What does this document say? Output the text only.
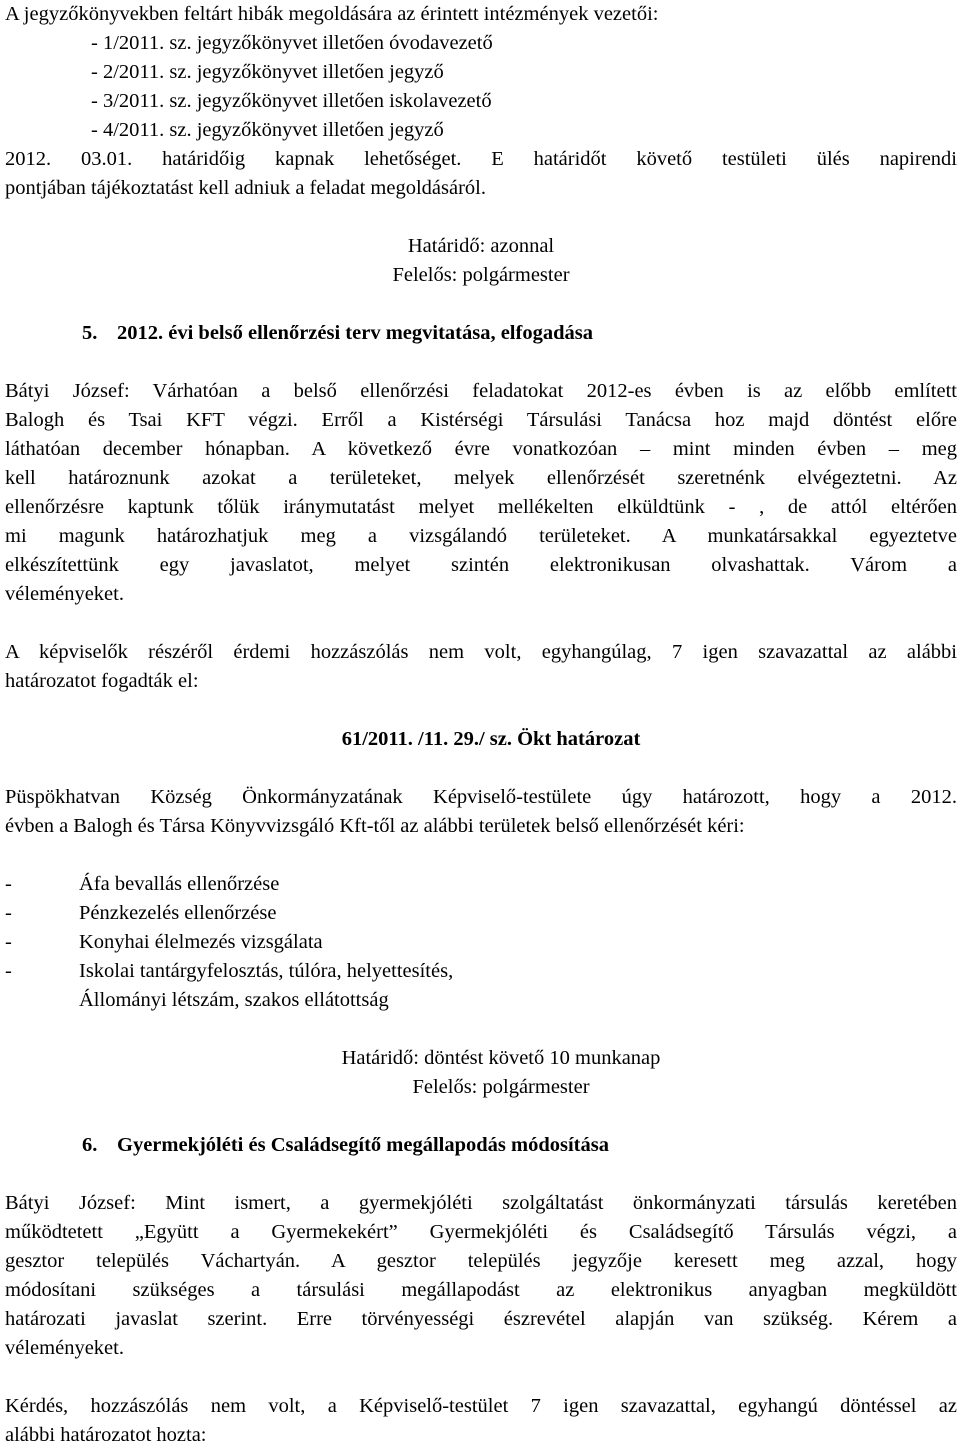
A jegyzőkönyvekben feltárt hibák megoldására az érintett intézmények vezetői:

- 1/2011. sz. jegyzőkönyvet illetően óvodavezető

- 2/2011. sz. jegyzőkönyvet illetően jegyző

- 3/2011. sz. jegyzőkönyvet illetően iskolavezető

- 4/2011. sz. jegyzőkönyvet illetően jegyző

2012. 03.01. határidőig kapnak lehetőséget. E határidőt követő testületi ülés napirendi

pontjában tájékoztatást kell adniuk a feladat megoldásáról.

Határidő: azonnal

Felelős: polgármester

5. 2012. évi belső ellenőrzési terv megvitatása, elfogadása

Bátyi József: Várhatóan a belső ellenőrzési feladatokat 2012-es évben is az előbb említett

Balogh és Tsai KFT végzi. Erről a Kistérségi Társulási Tanácsa hoz majd döntést előre

láthatóan december hónapban. A következő évre vonatkozóan – mint minden évben – meg

kell határoznunk azokat a területeket, melyek ellenőrzését szeretnénk elvégeztetni. Az

ellenőrzésre kaptunk tőlük iránymutatást melyet mellékelten elküldtünk - , de attól eltérően

mi magunk határozhatjuk meg a vizsgálandó területeket. A munkatársakkal egyeztetve

elkészítettünk egy javaslatot, melyet szintén elektronikusan olvashattak. Várom a

véleményeket.

A képviselők részéről érdemi hozzászólás nem volt, egyhangúlag, 7 igen szavazattal az alábbi

határozatot fogadták el:

61/2011. /11. 29./ sz. Ökt határozat

Püspökhatvan Község Önkormányzatának Képviselő-testülete úgy határozott, hogy a 2012.

évben a Balogh és Társa Könyvvizsgáló Kft-től az alábbi területek belső ellenőrzését kéri:

-	Áfa bevallás ellenőrzése
-	Pénzkezelés ellenőrzése
-	Konyhai élelmezés vizsgálata
-	Iskolai tantárgyfelosztás, túlóra, helyettesítés,
Állományi létszám, szakos ellátottság

Határidő: döntést követő 10 munkanap

Felelős: polgármester

6. Gyermekjóléti és Családsegítő megállapodás módosítása

Bátyi József: Mint ismert, a gyermekjóléti szolgáltatást önkormányzati társulás keretében

működtetett „Együtt a Gyermekekért” Gyermekjóléti és Családsegítő Társulás végzi, a

gesztor település Váchartyán. A gesztor település jegyzője keresett meg azzal, hogy

módosítani szükséges a társulási megállapodást az elektronikus anyagban megküldött

határozati javaslat szerint. Erre törvényességi észrevétel alapján van szükség. Kérem a

véleményeket.

Kérdés, hozzászólás nem volt, a Képviselő-testület 7 igen szavazattal, egyhangú döntéssel az

alábbi határozatot hozta:
